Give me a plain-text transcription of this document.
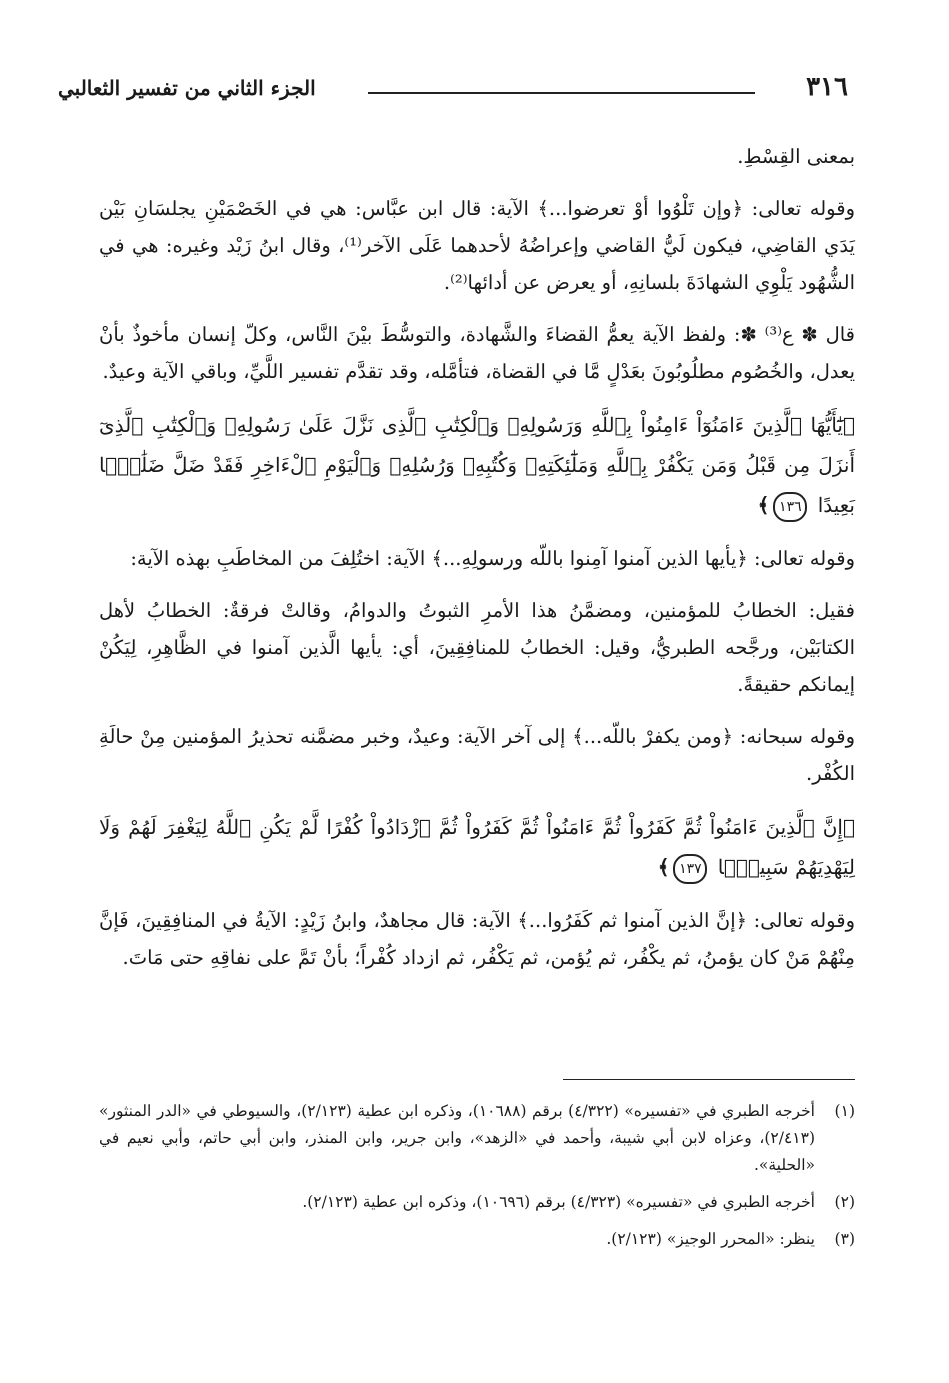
٣١٦
الجزء الثاني من تفسير الثعالبي

بمعنى القِسْطِ.

وقوله تعالى: ﴿وإن تَلْوُوا أوْ تعرضوا...﴾ الآية: قال ابن عبَّاس: هي في الخَصْمَيْنِ يجلسَانِ بَيْن يَدَي القاضِي، فيكون لَيُّ القاضي وإعراضُهُ لأحدهما عَلَى الآخر⁽¹⁾، وقال ابنُ زَيْد وغيره: هي في الشُّهُود يَلْوِي الشهادَةَ بلسانِهِ، أو يعرض عن أدائها⁽²⁾.

قال ✽ ع⁽³⁾ ✽: ولفظ الآية يعمُّ القضاءَ والشَّهادة، والتوسُّطَ بيْنَ النَّاس، وكلّ إنسان مأخوذٌ بأنْ يعدل، والخُصُوم مطلُوبُونَ بعَدْلٍ مَّا في القضاة، فتأمَّله، وقد تقدَّم تفسير اللَّيِّ، وباقي الآية وعيدٌ.

﴿يَٰٓأَيُّهَا ٱلَّذِينَ ءَامَنُوٓاْ ءَامِنُواْ بِٱللَّهِ وَرَسُولِهِۦ وَٱلْكِتَٰبِ ٱلَّذِى نَزَّلَ عَلَىٰ رَسُولِهِۦ وَٱلْكِتَٰبِ ٱلَّذِىٓ أَنزَلَ مِن قَبْلُ وَمَن يَكْفُرْ بِٱللَّهِ وَمَلَٰٓئِكَتِهِۦ وَكُتُبِهِۦ وَرُسُلِهِۦ وَٱلْيَوْمِ ٱلْءَاخِرِ فَقَدْ ضَلَّ ضَلَٰلًۢا بَعِيدًا ١٣٦﴾

وقوله تعالى: ﴿يأيها الذين آمنوا آمِنوا باللّه ورسولِهِ...﴾ الآية: اختُلِفَ من المخاطَبِ بهذه الآية:

فقيل: الخطابُ للمؤمنين، ومضمَّنُ هذا الأمرِ الثبوتُ والدوامُ، وقالتْ فرقةٌ: الخطابُ لأهل الكتابَيْن، ورجَّحه الطبريُّ، وقيل: الخطابُ للمنافِقِينَ، أي: يأيها الَّذين آمنوا في الظَّاهِرِ، لِيَكُنْ إيمانكم حقيقةً.

وقوله سبحانه: ﴿ومن يكفرْ باللّه...﴾ إلى آخر الآية: وعيدٌ، وخبر مضمَّنه تحذيرُ المؤمنين مِنْ حالَةِ الكُفْر.

﴿إِنَّ ٱلَّذِينَ ءَامَنُواْ ثُمَّ كَفَرُواْ ثُمَّ ءَامَنُواْ ثُمَّ كَفَرُواْ ثُمَّ ٱزْدَادُواْ كُفْرًا لَّمْ يَكُنِ ٱللَّهُ لِيَغْفِرَ لَهُمْ وَلَا لِيَهْدِيَهُمْ سَبِيلًۢا ١٣٧﴾

وقوله تعالى: ﴿إنَّ الذين آمنوا ثم كَفَرُوا...﴾ الآية: قال مجاهدٌ، وابنُ زَيْدٍ: الآيةُ في المنافِقِينَ، فَإنَّ مِنْهُمْ مَنْ كان يؤمنُ، ثم يكْفُر، ثم يُؤمن، ثم يَكْفُر، ثم ازداد كُفْراً؛ بأنْ تَمَّ على نفاقِهِ حتى مَاتَ.

(١)
أخرجه الطبري في «تفسيره» (٤/٣٢٢) برقم (١٠٦٨٨)، وذكره ابن عطية (٢/١٢٣)، والسيوطي في «الدر المنثور» (٢/٤١٣)، وعزاه لابن أبي شيبة، وأحمد في «الزهد»، وابن جرير، وابن المنذر، وابن أبي حاتم، وأبي نعيم في «الحلية».
(٢)
أخرجه الطبري في «تفسيره» (٤/٣٢٣) برقم (١٠٦٩٦)، وذكره ابن عطية (٢/١٢٣).
(٣)
ينظر: «المحرر الوجيز» (٢/١٢٣).
